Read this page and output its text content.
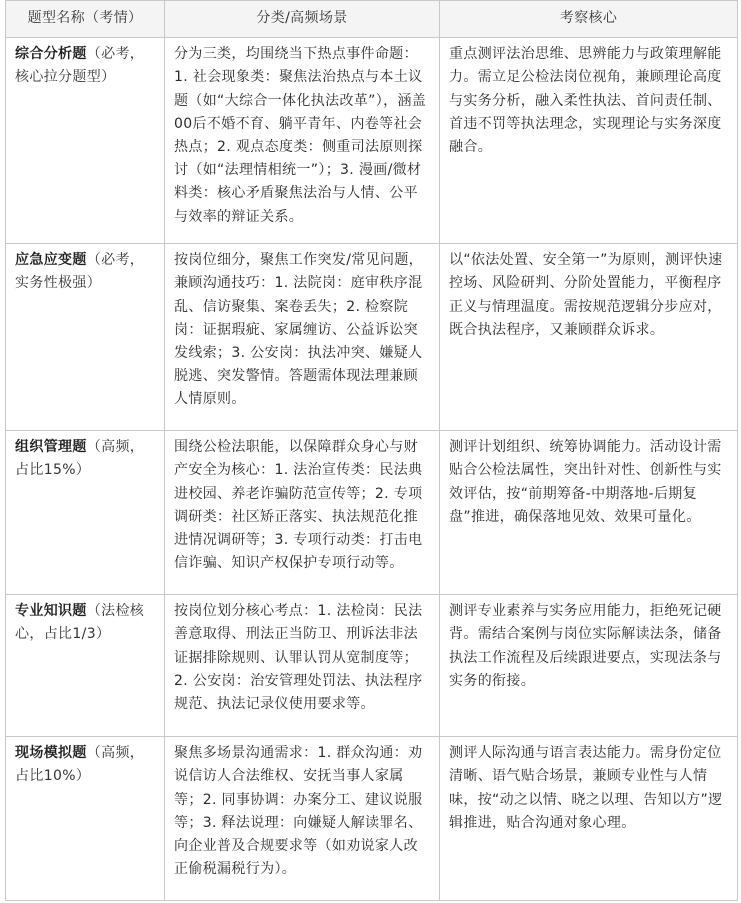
题型名称（考情）	分类/高频场景	考察核心
综合分析题（必考，核心拉分题型）	分为三类，均围绕当下热点事件命题：1. 社会现象类：聚焦法治热点与本土议题（如“大综合一体化执法改革”），涵盖00后不婚不育、躺平青年、内卷等社会热点；2. 观点态度类：侧重司法原则探讨（如“法理情相统一”）；3. 漫画/微材料类：核心矛盾聚焦法治与人情、公平与效率的辩证关系。	重点测评法治思维、思辨能力与政策理解能力。需立足公检法岗位视角，兼顾理论高度与实务分析，融入柔性执法、首问责任制、首违不罚等执法理念，实现理论与实务深度融合。
应急应变题（必考，实务性极强）	按岗位细分，聚焦工作突发/常见问题，兼顾沟通技巧：1. 法院岗：庭审秩序混乱、信访聚集、案卷丢失；2. 检察院岗：证据瑕疵、家属缠访、公益诉讼突发线索；3. 公安岗：执法冲突、嫌疑人脱逃、突发警情。答题需体现法理兼顾人情原则。	以“依法处置、安全第一”为原则，测评快速控场、风险研判、分阶处置能力，平衡程序正义与情理温度。需按规范逻辑分步应对，既合执法程序，又兼顾群众诉求。
组织管理题（高频，占比15%）	围绕公检法职能，以保障群众身心与财产安全为核心：1. 法治宣传类：民法典进校园、养老诈骗防范宣传等；2. 专项调研类：社区矫正落实、执法规范化推进情况调研等；3. 专项行动类：打击电信诈骗、知识产权保护专项行动等。	测评计划组织、统筹协调能力。活动设计需贴合公检法属性，突出针对性、创新性与实效评估，按“前期筹备-中期落地-后期复盘”推进，确保落地见效、效果可量化。
专业知识题（法检核心，占比1/3）	按岗位划分核心考点：1. 法检岗：民法善意取得、刑法正当防卫、刑诉法非法证据排除规则、认罪认罚从宽制度等；2. 公安岗：治安管理处罚法、执法程序规范、执法记录仪使用要求等。	测评专业素养与实务应用能力，拒绝死记硬背。需结合案例与岗位实际解读法条，储备执法工作流程及后续跟进要点，实现法条与实务的衔接。
现场模拟题（高频，占比10%）	聚焦多场景沟通需求：1. 群众沟通：劝说信访人合法维权、安抚当事人家属等；2. 同事协调：办案分工、建议说服等；3. 释法说理：向嫌疑人解读罪名、向企业普及合规要求等（如劝说家人改正偷税漏税行为）。	测评人际沟通与语言表达能力。需身份定位清晰、语气贴合场景，兼顾专业性与人情味，按“动之以情、晓之以理、告知以方”逻辑推进，贴合沟通对象心理。
